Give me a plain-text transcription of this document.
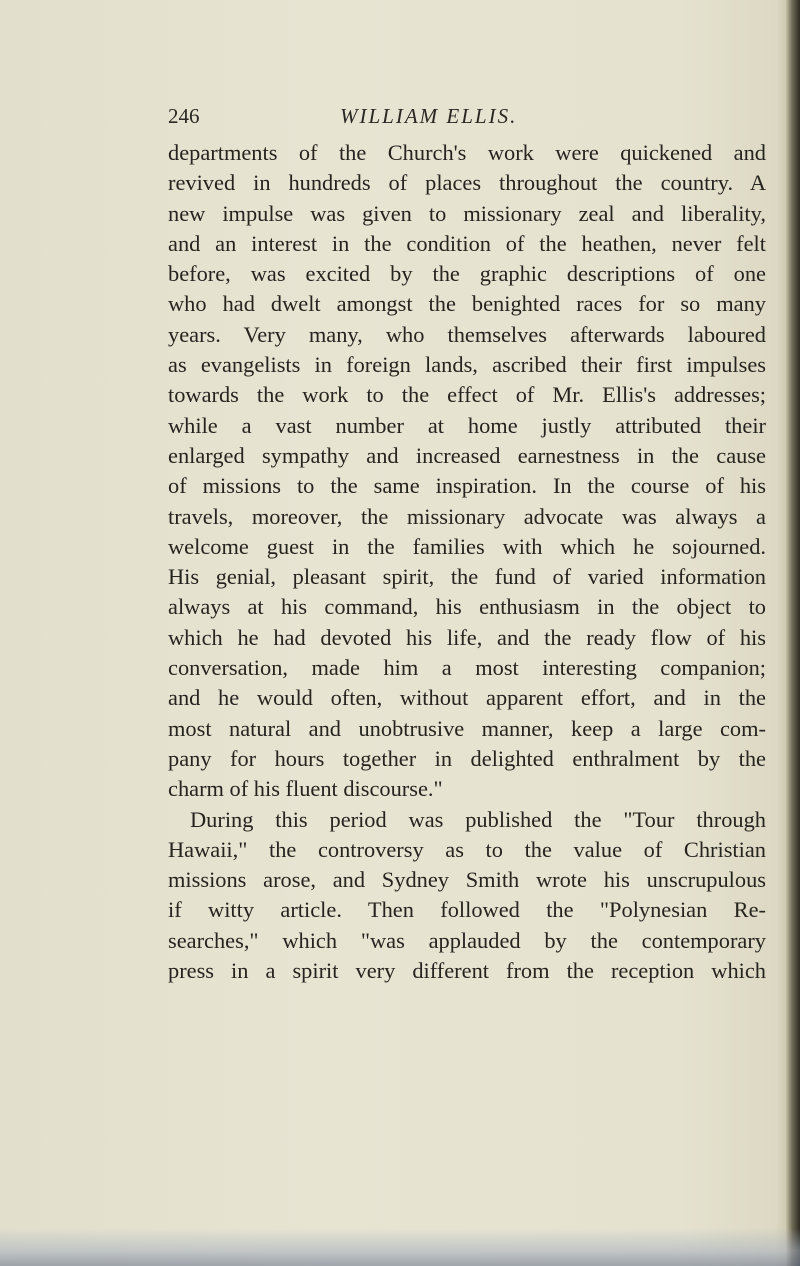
246	WILLIAM ELLIS.
departments of the Church's work were quickened and
revived in hundreds of places throughout the country. A
new impulse was given to missionary zeal and liberality,
and an interest in the condition of the heathen, never felt
before, was excited by the graphic descriptions of one
who had dwelt amongst the benighted races for so many
years. Very many, who themselves afterwards laboured
as evangelists in foreign lands, ascribed their first impulses
towards the work to the effect of Mr. Ellis's addresses;
while a vast number at home justly attributed their
enlarged sympathy and increased earnestness in the cause
of missions to the same inspiration. In the course of his
travels, moreover, the missionary advocate was always a
welcome guest in the families with which he sojourned.
His genial, pleasant spirit, the fund of varied information
always at his command, his enthusiasm in the object to
which he had devoted his life, and the ready flow of his
conversation, made him a most interesting companion;
and he would often, without apparent effort, and in the
most natural and unobtrusive manner, keep a large com-
pany for hours together in delighted enthralment by the
charm of his fluent discourse."
During this period was published the "Tour through
Hawaii," the controversy as to the value of Christian
missions arose, and Sydney Smith wrote his unscrupulous
if witty article. Then followed the "Polynesian Re-
searches," which "was applauded by the contemporary
press in a spirit very different from the reception which
